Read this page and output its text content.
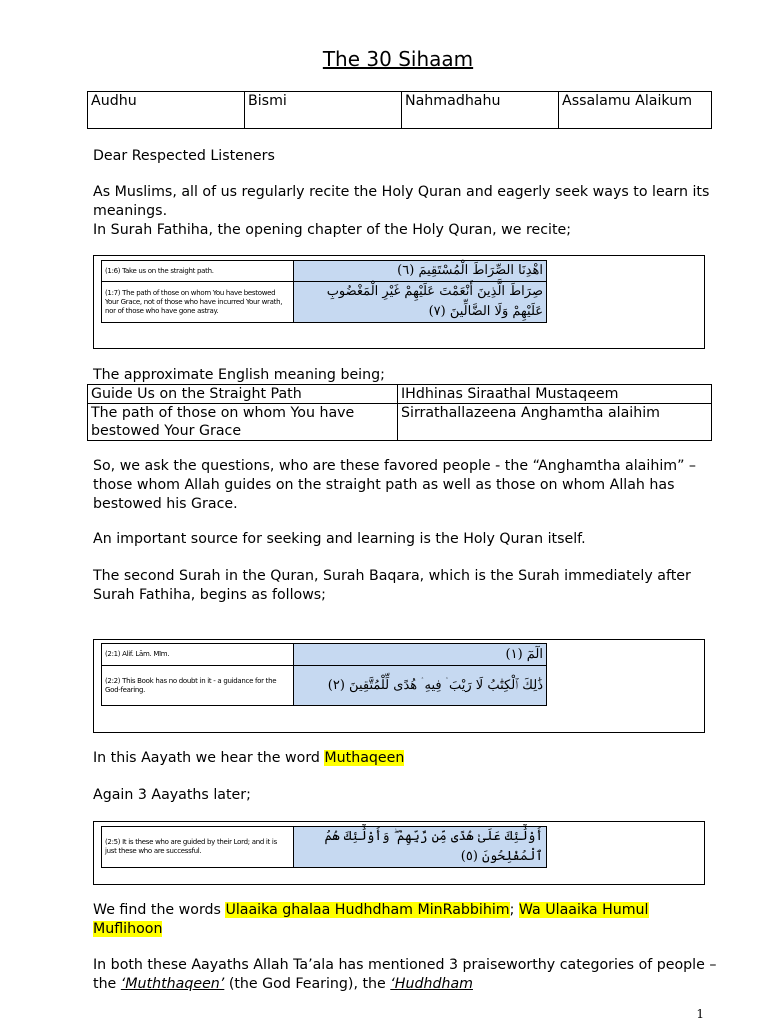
The 30 Sihaam
Audhu	Bismi	Nahmadhahu	Assalamu Alaikum
Dear Respected Listeners
As Muslims, all of us regularly recite the Holy Quran and eagerly seek ways to learn its meanings.
In Surah Fathiha, the opening chapter of the Holy Quran, we recite;
(1:6) Take us on the straight path.	اهْدِنَا الصِّرَاطَ الْمُسْتَقِيمَ (٦)
(1:7) The path of those on whom You have bestowed Your Grace, not of those who have incurred Your wrath, nor of those who have gone astray.	صِرَاطَ الَّذِينَ أَنْعَمْتَ عَلَيْهِمْ غَيْرِ الْمَغْضُوبِ عَلَيْهِمْ وَلَا الضَّالِّينَ (٧)
The approximate English meaning being;
Guide Us on the Straight Path	IHdhinas Siraathal Mustaqeem
The path of those on whom You have bestowed Your Grace	Sirrathallazeena Anghamtha alaihim
So, we ask the questions, who are these favored people - the “Anghamtha alaihim” – those whom Allah guides on the straight path as well as those on whom Allah has bestowed his Grace.
An important source for seeking and learning is the Holy Quran itself.
The second Surah in the Quran, Surah Baqara, which is the Surah immediately after Surah Fathiha, begins as follows;
(2:1) Alif. Lām. Mīm.	الٓمٓ (١)
(2:2) This Book has no doubt in it - a guidance for the God-fearing.	ذَٰلِكَ ٱلْكِتَٰبُ لَا رَيْبَ ۛ فِيهِ ۛ هُدًى لِّلْمُتَّقِينَ (٢)
In this Aayath we hear the word Muthaqeen
Again 3 Aayaths later;
(2:5) It is these who are guided by their Lord; and it is just these who are successful.	أُوْلَٰٓئِكَ عَلَىٰ هُدًى مِّن رَّبِّهِمْ ۖ وَأُوْلَٰٓئِكَ هُمُ ٱلْمُفْلِحُونَ (٥)
We find the words Ulaaika ghalaa Hudhdham MinRabbihim; Wa Ulaaika Humul Muflihoon
In both these Aayaths Allah Ta’ala has mentioned 3 praiseworthy categories of people – the ‘Muththaqeen’ (the God Fearing), the ‘Hudhdham
1
